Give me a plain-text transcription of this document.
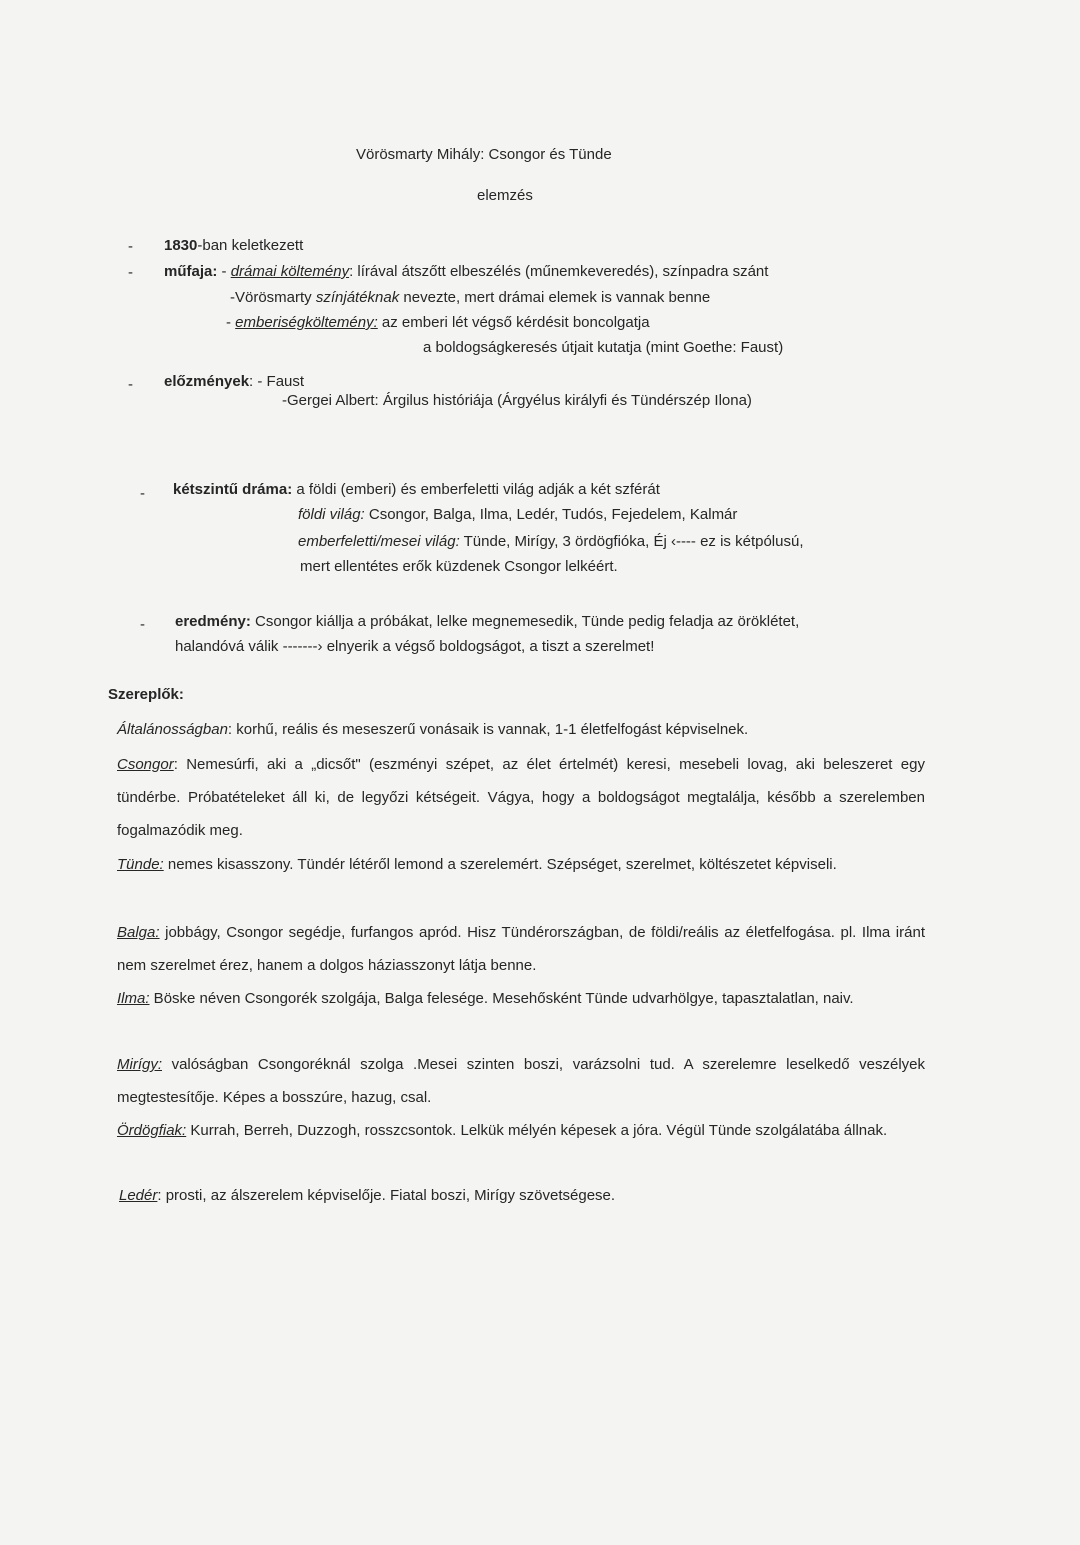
Vörösmarty Mihály: Csongor és Tünde
elemzés
- 1830-ban keletkezett
- műfaja: - drámai költemény: lírával átszőtt elbeszélés (műnemkeveredés), színpadra szánt
-Vörösmarty színjátéknak nevezte, mert drámai elemek is vannak benne
- emberiségköltemény: az emberi lét végső kérdésit boncolgatja
a boldogságkeresés útjait kutatja (mint Goethe: Faust)
- előzmények: - Faust
-Gergei Albert: Árgilus históriája (Árgyélus királyfi és Tündérszép Ilona)
- kétszintű dráma: a földi (emberi) és emberfeletti világ adják a két szférát
földi világ: Csongor, Balga, Ilma, Ledér, Tudós, Fejedelem, Kalmár
emberfeletti/mesei világ: Tünde, Mirígy, 3 ördögfióka, Éj ‹---- ez is kétpólusú,
mert ellentétes erők küzdenek Csongor lelkéért.
- eredmény: Csongor kiállja a próbákat, lelke megnemesedik, Tünde pedig feladja az öröklétet,
halandóvá válik -------› elnyerik a végső boldogságot, a tiszt a szerelmet!
Szereplők:
Általánosságban: korhű, reális és meseszerű vonásaik is vannak, 1-1 életfelfogást képviselnek.
Csongor: Nemesúrfi, aki a „dicsőt" (eszményi szépet, az élet értelmét) keresi, mesebeli lovag, aki beleszeret egy tündérbe. Próbatételeket áll ki, de legyőzi kétségeit. Vágya, hogy a boldogságot megtalálja, később a szerelemben fogalmazódik meg.
Tünde: nemes kisasszony. Tündér létéről lemond a szerelemért. Szépséget, szerelmet, költészetet képviseli.
Balga: jobbágy, Csongor segédje, furfangos apród. Hisz Tündérországban, de földi/reális az életfelfogása. pl. Ilma iránt nem szerelmet érez, hanem a dolgos háziasszonyt látja benne.
Ilma: Böske néven Csongorék szolgája, Balga felesége. Mesehősként Tünde udvarhölgye, tapasztalatlan, naiv.
Mirígy: valóságban Csongoréknál szolga .Mesei szinten boszi, varázsolni tud. A szerelemre leselkedő veszélyek megtestesítője. Képes a bosszúre, hazug, csal.
Ördögfiak: Kurrah, Berreh, Duzzogh, rosszcsontok. Lelkük mélyén képesek a jóra. Végül Tünde szolgálatába állnak.
Ledér: prosti, az álszerelem képviselője. Fiatal boszi, Mirígy szövetségese.
